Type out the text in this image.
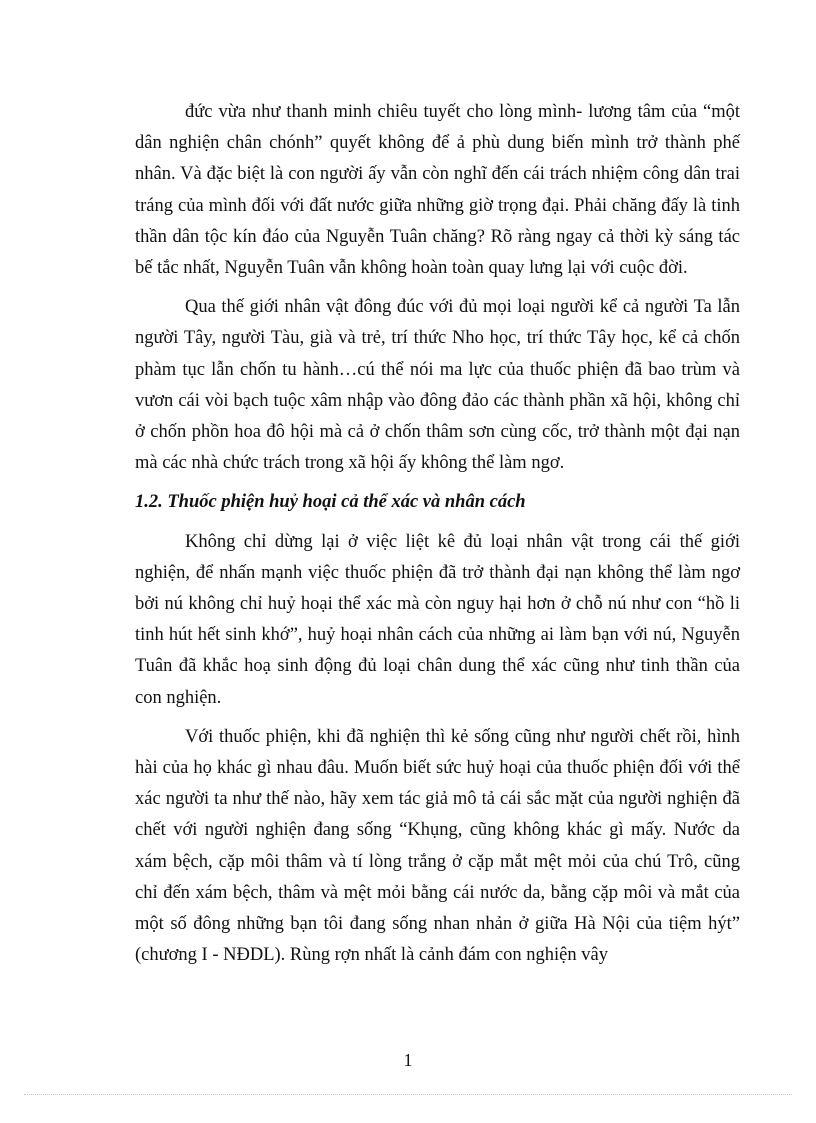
đức vừa như thanh minh chiêu tuyết cho lòng mình- lương tâm của “một dân nghiện chân chónh” quyết không để ả phù dung biến mình trở thành phế nhân. Và đặc biệt là con người ấy vẫn còn nghĩ đến cái trách nhiệm công dân trai tráng của mình đối với đất nước giữa những giờ trọng đại. Phải chăng đấy là tinh thần dân tộc kín đáo của Nguyễn Tuân chăng? Rõ ràng ngay cả thời kỳ sáng tác bế tắc nhất, Nguyễn Tuân vẫn không hoàn toàn quay lưng lại với cuộc đời.

Qua thế giới nhân vật đông đúc với đủ mọi loại người kể cả người Ta lẫn người Tây, người Tàu, già và trẻ, trí thức Nho học, trí thức Tây học, kể cả chốn phàm tục lẫn chốn tu hành…cú thể nói ma lực của thuốc phiện đã bao trùm và vươn cái vòi bạch tuộc xâm nhập vào đông đảo các thành phần xã hội, không chỉ ở chốn phồn hoa đô hội mà cả ở chốn thâm sơn cùng cốc, trở thành một đại nạn mà các nhà chức trách trong xã hội ấy không thể làm ngơ.

1.2. Thuốc phiện huỷ hoại cả thể xác và nhân cách

Không chỉ dừng lại ở việc liệt kê đủ loại nhân vật trong cái thế giới nghiện, để nhấn mạnh việc thuốc phiện đã trở thành đại nạn không thể làm ngơ bởi nú không chỉ huỷ hoại thể xác mà còn nguy hại hơn ở chỗ nú như con “hồ li tinh hút hết sinh khớ”, huỷ hoại nhân cách của những ai làm bạn với nú, Nguyễn Tuân đã khắc hoạ sinh động đủ loại chân dung thể xác cũng như tinh thần của con nghiện.

Với thuốc phiện, khi đã nghiện thì kẻ sống cũng như người chết rồi, hình hài của họ khác gì nhau đâu. Muốn biết sức huỷ hoại của thuốc phiện đối với thể xác người ta như thế nào, hãy xem tác giả mô tả cái sắc mặt của người nghiện đã chết với người nghiện đang sống “Khụng, cũng không khác gì mấy. Nước da xám bệch, cặp môi thâm và tí lòng trắng ở cặp mắt mệt mỏi của chú Trô, cũng chỉ đến xám bệch, thâm và mệt mỏi bằng cái nước da, bằng cặp môi và mắt của một số đông những bạn tôi đang sống nhan nhản ở giữa Hà Nội của tiệm hýt” (chương I - NĐDL). Rùng rợn nhất là cảnh đám con nghiện vây

1
